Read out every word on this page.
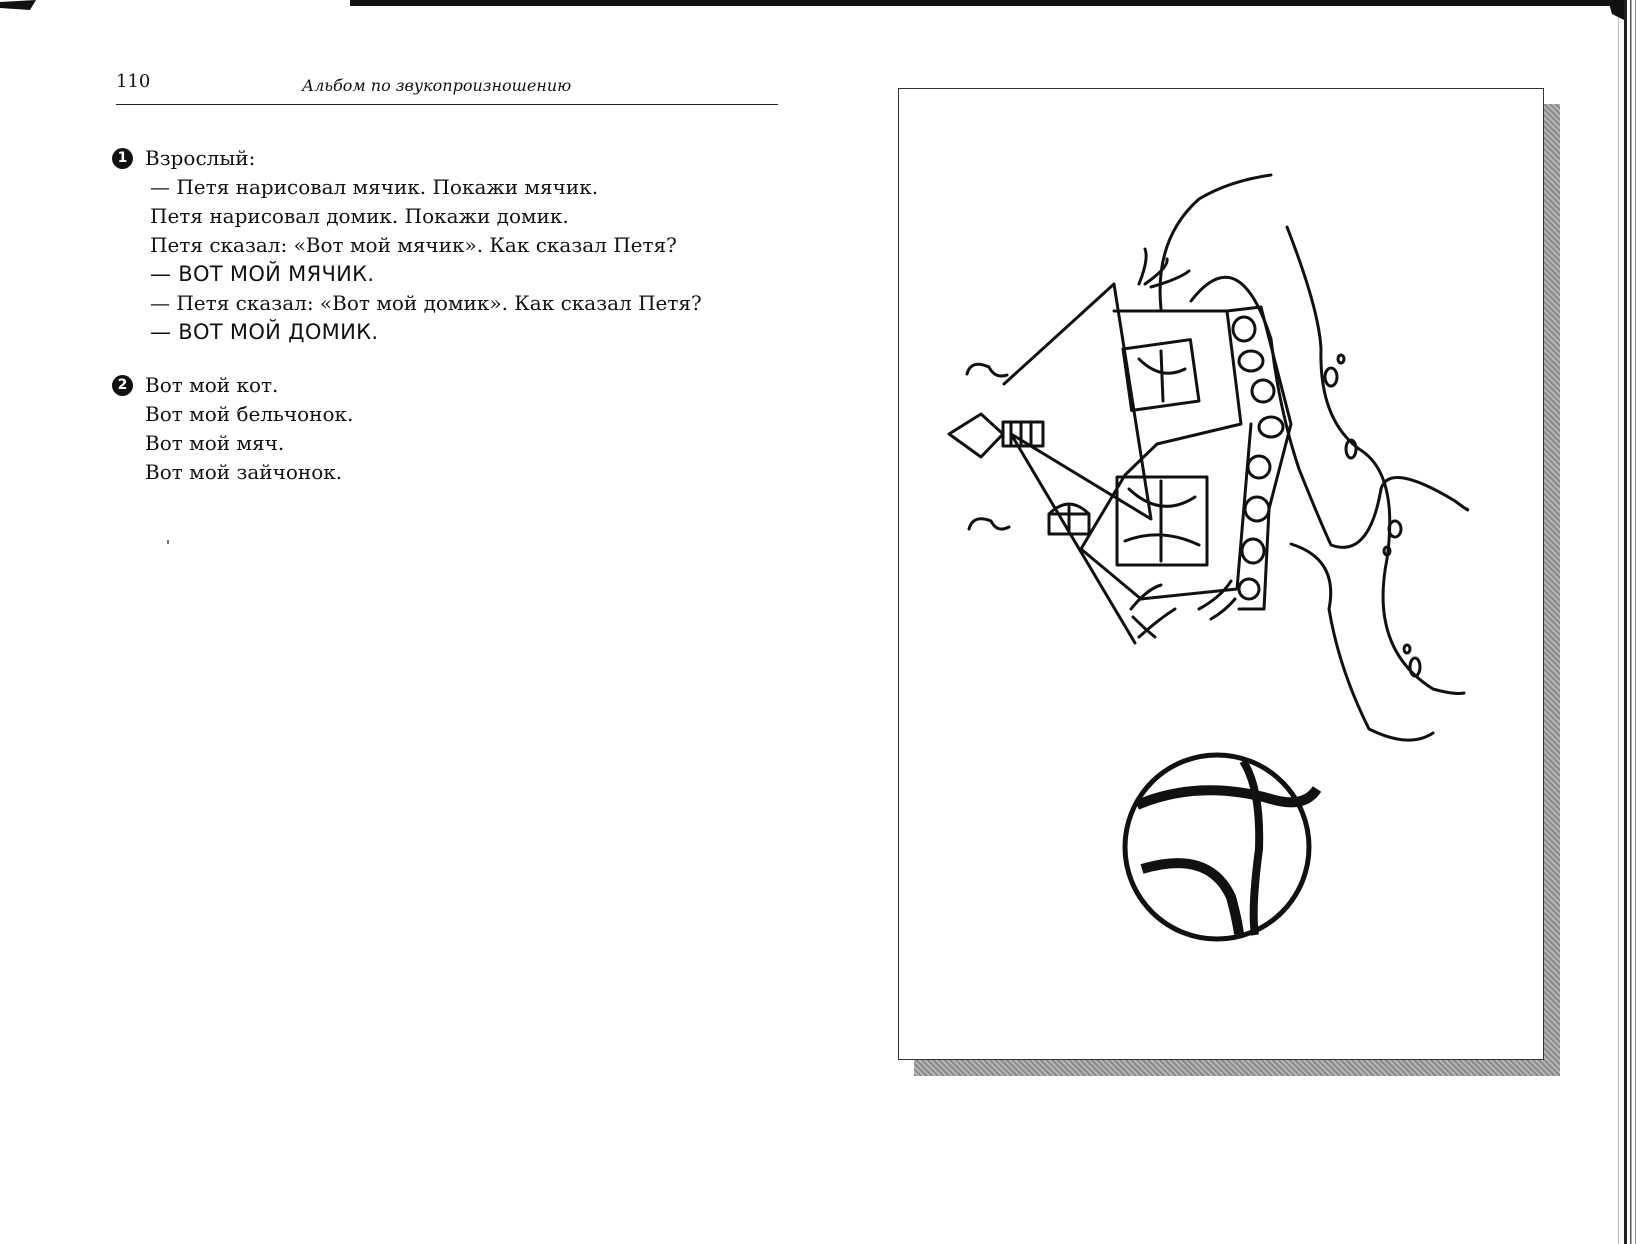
110	Альбом по звукопроизношению
1 Взрослый:
— Петя нарисовал мячик. Покажи мячик.
Петя нарисовал домик. Покажи домик.
Петя сказал: «Вот мой мячик». Как сказал Петя?
— ВОТ МОЙ МЯЧИК.
— Петя сказал: «Вот мой домик». Как сказал Петя?
— ВОТ МОЙ ДОМИК.
2 Вот мой кот.
Вот мой бельчонок.
Вот мой мяч.
Вот мой зайчонок.
